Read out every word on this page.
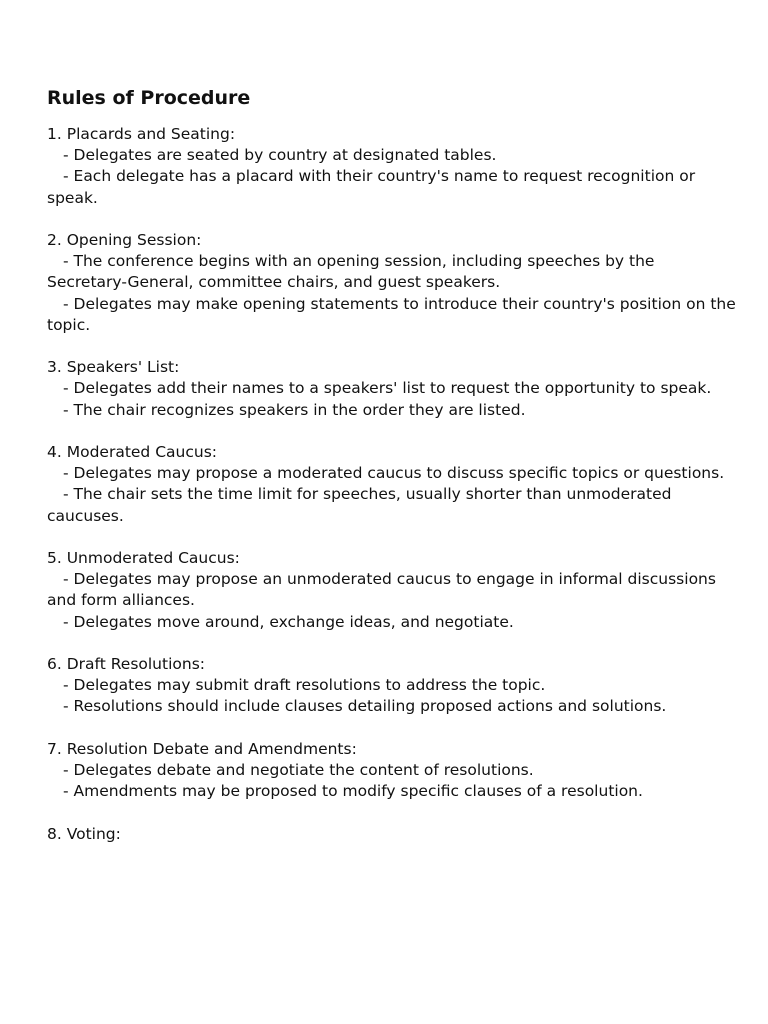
Rules of Procedure
1. Placards and Seating:
- Delegates are seated by country at designated tables.
- Each delegate has a placard with their country's name to request recognition or speak.
2. Opening Session:
- The conference begins with an opening session, including speeches by the Secretary-General, committee chairs, and guest speakers.
- Delegates may make opening statements to introduce their country's position on the topic.
3. Speakers' List:
- Delegates add their names to a speakers' list to request the opportunity to speak.
- The chair recognizes speakers in the order they are listed.
4. Moderated Caucus:
- Delegates may propose a moderated caucus to discuss specific topics or questions.
- The chair sets the time limit for speeches, usually shorter than unmoderated caucuses.
5. Unmoderated Caucus:
- Delegates may propose an unmoderated caucus to engage in informal discussions and form alliances.
- Delegates move around, exchange ideas, and negotiate.
6. Draft Resolutions:
- Delegates may submit draft resolutions to address the topic.
- Resolutions should include clauses detailing proposed actions and solutions.
7. Resolution Debate and Amendments:
- Delegates debate and negotiate the content of resolutions.
- Amendments may be proposed to modify specific clauses of a resolution.
8. Voting:
